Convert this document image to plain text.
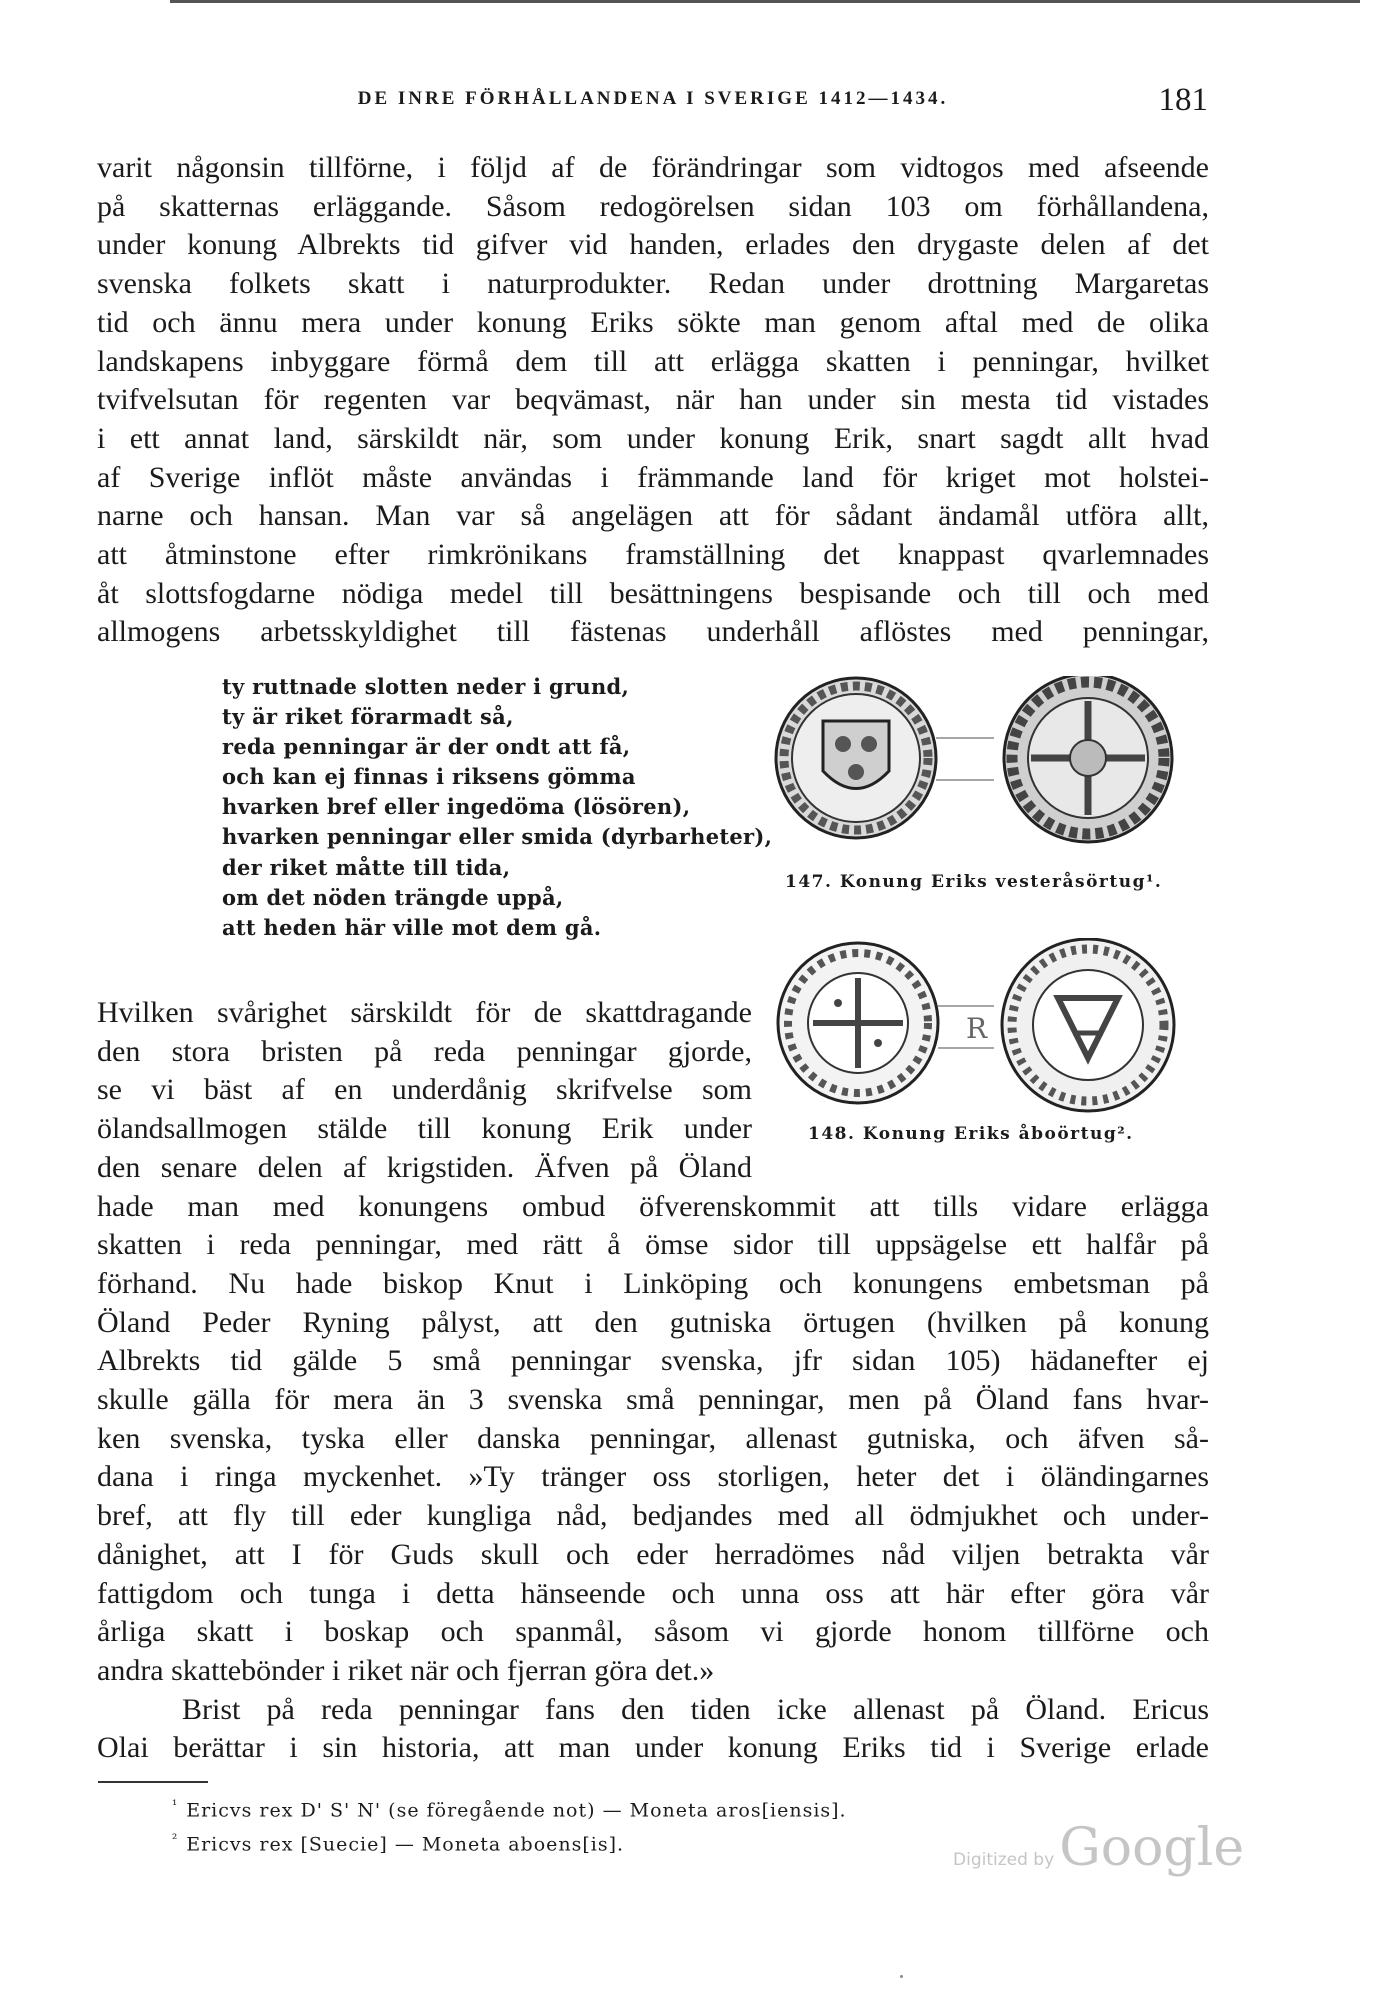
DE INRE FÖRHÅLLANDENA I SVERIGE 1412—1434.	181
varit någonsin tillförne, i följd af de förändringar som vidtogos med afseende
på skatternas erläggande. Såsom redogörelsen sidan 103 om förhållandena,
under konung Albrekts tid gifver vid handen, erlades den drygaste delen af det
svenska folkets skatt i naturprodukter. Redan under drottning Margaretas
tid och ännu mera under konung Eriks sökte man genom aftal med de olika
landskapens inbyggare förmå dem till att erlägga skatten i penningar, hvilket
tvifvelsutan för regenten var beqvämast, när han under sin mesta tid vistades
i ett annat land, särskildt när, som under konung Erik, snart sagdt allt hvad
af Sverige inflöt måste användas i främmande land för kriget mot holstei-
narne och hansan. Man var så angelägen att för sådant ändamål utföra allt,
att åtminstone efter rimkrönikans framställning det knappast qvarlemnades
åt slottsfogdarne nödiga medel till besättningens bespisande och till och med
allmogens arbetsskyldighet till fästenas underhåll aflöstes med penningar,
ty ruttnade slotten neder i grund,
ty är riket förarmadt så,
reda penningar är der ondt att få,
och kan ej finnas i riksens gömma
hvarken bref eller ingedöma (lösören),
hvarken penningar eller smida (dyrbarheter),
der riket måtte till tida,
om det nöden trängde uppå,
att heden här ville mot dem gå.
147. Konung Eriks vesteråsörtug¹.
R
148. Konung Eriks åboörtug².
Hvilken svårighet särskildt för de skattdragande
den stora bristen på reda penningar gjorde,
se vi bäst af en underdånig skrifvelse som
ölandsallmogen stälde till konung Erik under
den senare delen af krigstiden. Äfven på Öland
hade man med konungens ombud öfverenskommit att tills vidare erlägga
skatten i reda penningar, med rätt å ömse sidor till uppsägelse ett halfår på
förhand. Nu hade biskop Knut i Linköping och konungens embetsman på
Öland Peder Ryning pålyst, att den gutniska örtugen (hvilken på konung
Albrekts tid gälde 5 små penningar svenska, jfr sidan 105) hädanefter ej
skulle gälla för mera än 3 svenska små penningar, men på Öland fans hvar-
ken svenska, tyska eller danska penningar, allenast gutniska, och äfven så-
dana i ringa myckenhet. »Ty tränger oss storligen, heter det i öländingarnes
bref, att fly till eder kungliga nåd, bedjandes med all ödmjukhet och under-
dånighet, att I för Guds skull och eder herradömes nåd viljen betrakta vår
fattigdom och tunga i detta hänseende och unna oss att här efter göra vår
årliga skatt i boskap och spanmål, såsom vi gjorde honom tillförne och
andra skattebönder i riket när och fjerran göra det.»
Brist på reda penningar fans den tiden icke allenast på Öland. Ericus
Olai berättar i sin historia, att man under konung Eriks tid i Sverige erlade
$^{^1}$ Ericvs rex D' S' N' (se föregående not) — Moneta aros[iensis].
$^{^2}$ Ericvs rex [Suecie] — Moneta aboens[is].
Digitized by Google
